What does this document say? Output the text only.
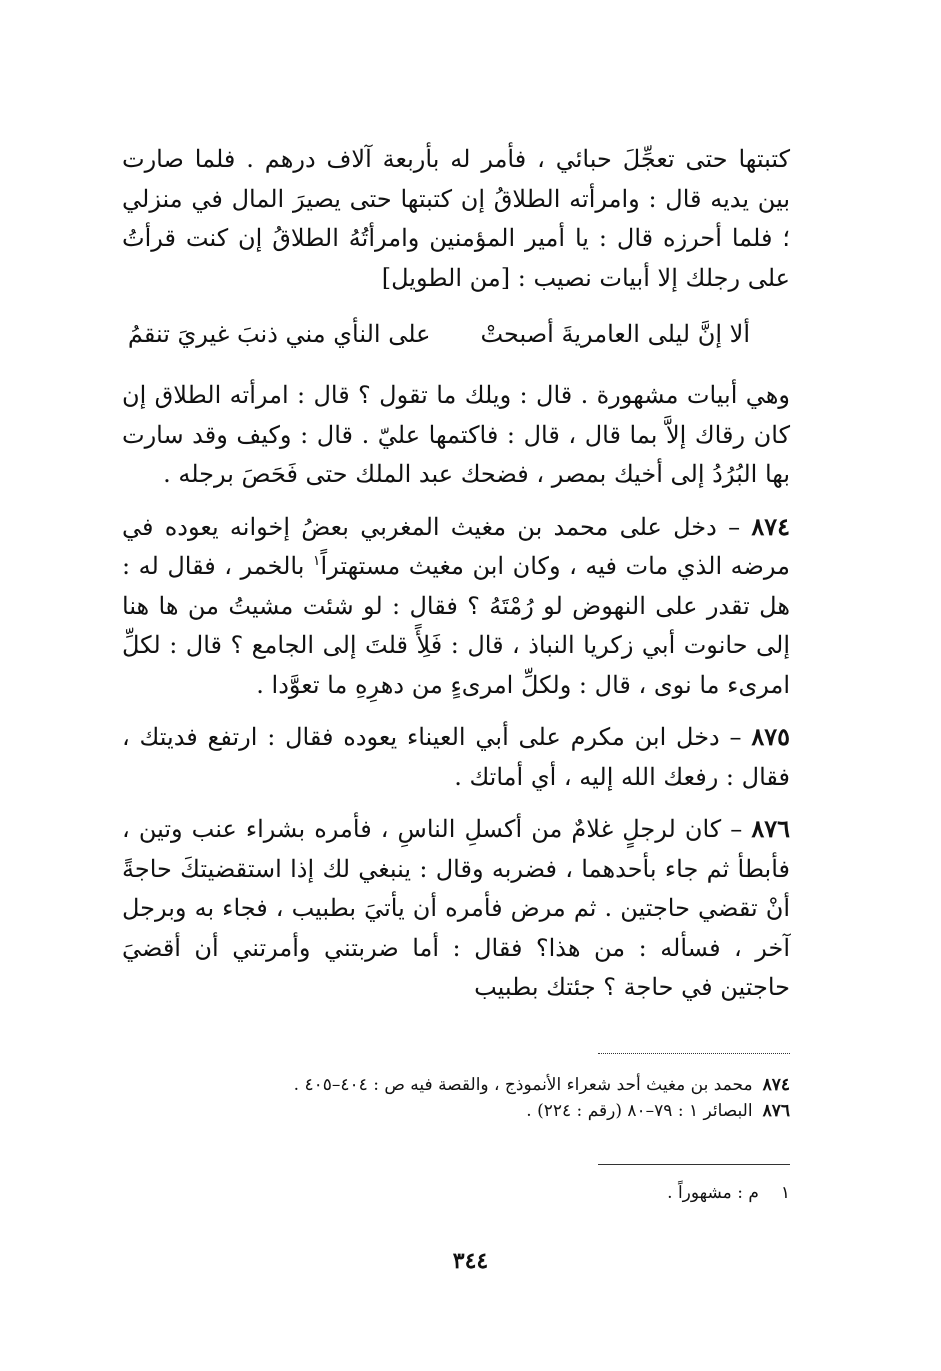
كتبتها حتى تعجِّلَ حبائي ، فأمر له بأربعة آلاف درهم . فلما صارت بين يديه قال : وامرأته الطلاقُ إن كتبتها حتى يصيرَ المال في منزلي ؛ فلما أحرزه قال : يا أمير المؤمنين وامرأتُهُ الطلاقُ إن كنت قرأتُ على رجلك إلا أبيات نصيب : [من الطويل]

ألا إنَّ ليلى العامريةَ أصبحتْ
على النأي مني ذنبَ غيريَ تنقمُ

وهي أبيات مشهورة . قال : ويلك ما تقول ؟ قال : امرأته الطلاق إن كان رقاك إلاَّ بما قال ، قال : فاكتمها عليّ . قال : وكيف وقد سارت بها البُرُدُ إلى أخيك بمصر ، فضحك عبد الملك حتى فَحَصَ برجله .

٨٧٤ – دخل على محمد بن مغيث المغربي بعضُ إخوانه يعوده في مرضه الذي مات فيه ، وكان ابن مغيث مستهتراً$^١$ بالخمر ، فقال له : هل تقدر على النهوض لو رُمْتَهُ ؟ فقال : لو شئت مشيتُ من ها هنا إلى حانوت أبي زكريا النباذ ، قال : فَلِأً قلتَ إلى الجامع ؟ قال : لكلِّ امرىء ما نوى ، قال : ولكلِّ امرىءٍ من دهرِهِ ما تعوَّدا .

٨٧٥ – دخل ابن مكرم على أبي العيناء يعوده فقال : ارتفع فديتك ، فقال : رفعك الله إليه ، أي أماتك .

٨٧٦ – كان لرجلٍ غلامٌ من أكسلِ الناسِ ، فأمره بشراء عنب وتين ، فأبطأ ثم جاء بأحدهما ، فضربه وقال : ينبغي لك إذا استقضيتكَ حاجةً أنْ تقضي حاجتين . ثم مرض فأمره أن يأتيَ بطبيب ، فجاء به وبرجل آخر ، فسأله : من هذا؟ فقال : أما ضربتني وأمرتني أن أقضيَ حاجتين في حاجة ؟ جئتك بطبيب

٨٧٤محمد بن مغيث أحد شعراء الأنموذج ، والقصة فيه ص : ٤٠٤–٤٠٥ .
٨٧٦البصائر ١ : ٧٩–٨٠ (رقم : ٢٢٤) .
١م : مشهوراً .
٣٤٤
